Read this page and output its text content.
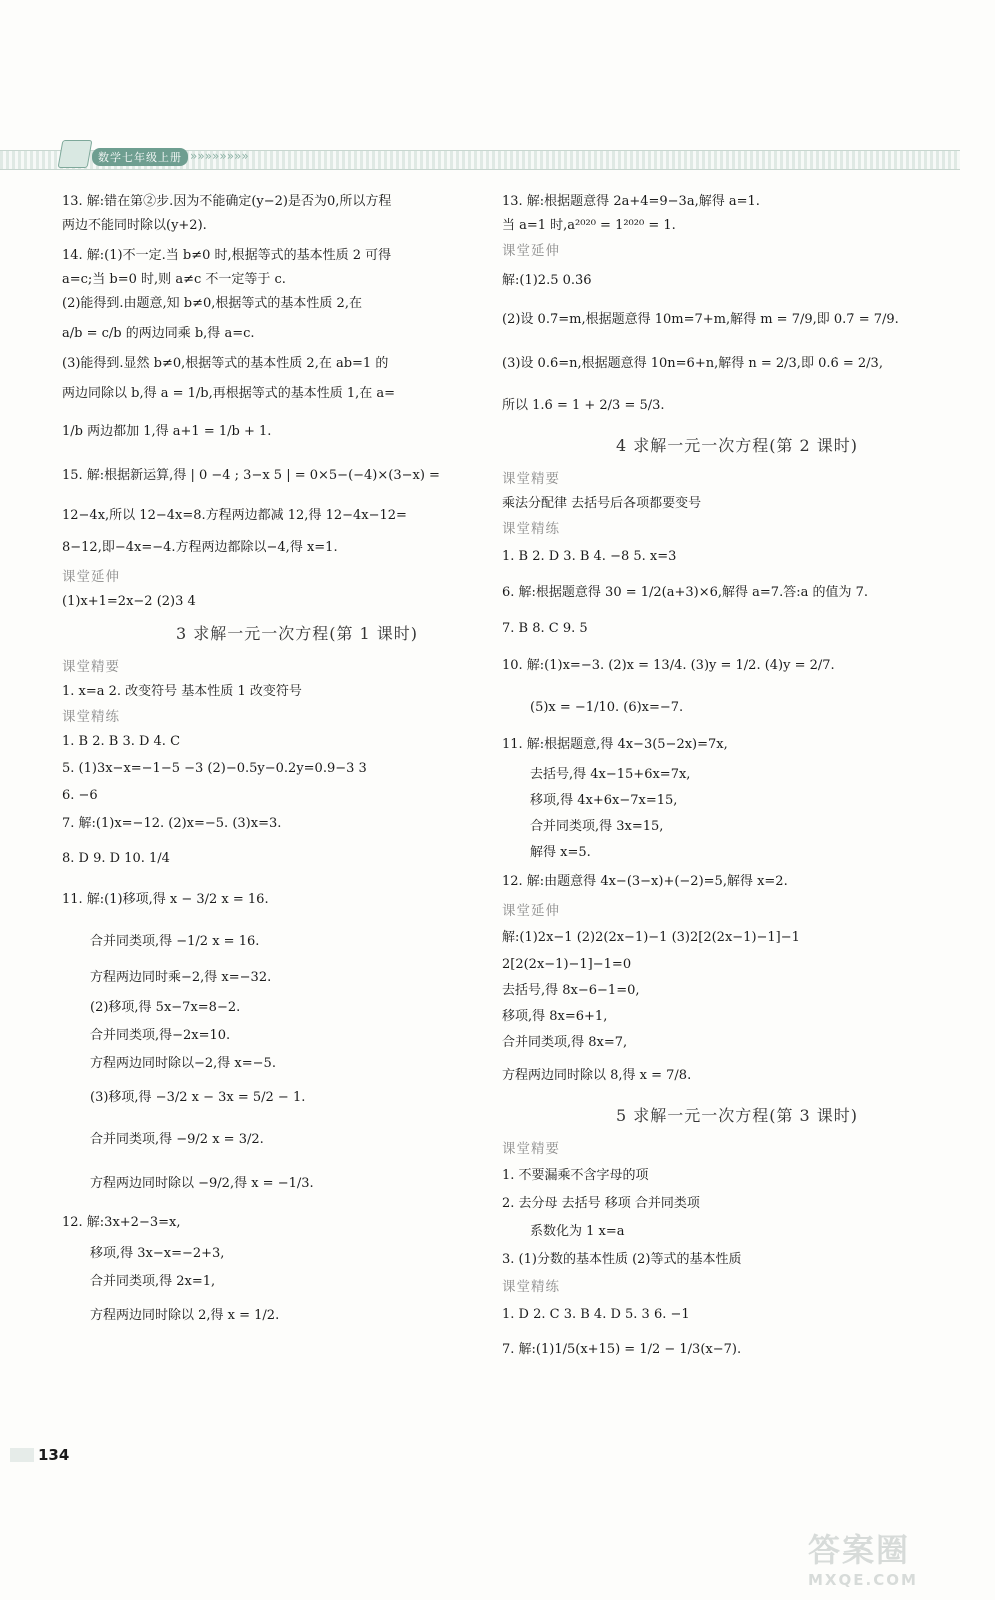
数学七年级上册 »»»»»»»»
13. 解:错在第②步.因为不能确定(y−2)是否为0,所以方程
两边不能同时除以(y+2).
14. 解:(1)不一定.当 b≠0 时,根据等式的基本性质 2 可得
a=c;当 b=0 时,则 a≠c 不一定等于 c.
(2)能得到.由题意,知 b≠0,根据等式的基本性质 2,在
a/b = c/b 的两边同乘 b,得 a=c.
(3)能得到.显然 b≠0,根据等式的基本性质 2,在 ab=1 的
两边同除以 b,得 a = 1/b,再根据等式的基本性质 1,在 a=
1/b 两边都加 1,得 a+1 = 1/b + 1.
15. 解:根据新运算,得 | 0 −4 ; 3−x 5 | = 0×5−(−4)×(3−x) =
12−4x,所以 12−4x=8.方程两边都减 12,得 12−4x−12=
8−12,即−4x=−4.方程两边都除以−4,得 x=1.
课堂延伸
(1)x+1=2x−2 (2)3 4
3 求解一元一次方程(第 1 课时)
课堂精要
1. x=a 2. 改变符号 基本性质 1 改变符号
课堂精练
1. B 2. B 3. D 4. C
5. (1)3x−x=−1−5 −3 (2)−0.5y−0.2y=0.9−3 3
6. −6
7. 解:(1)x=−12. (2)x=−5. (3)x=3.
8. D 9. D 10. 1/4
11. 解:(1)移项,得 x − 3/2 x = 16.
合并同类项,得 −1/2 x = 16.
方程两边同时乘−2,得 x=−32.
(2)移项,得 5x−7x=8−2.
合并同类项,得−2x=10.
方程两边同时除以−2,得 x=−5.
(3)移项,得 −3/2 x − 3x = 5/2 − 1.
合并同类项,得 −9/2 x = 3/2.
方程两边同时除以 −9/2,得 x = −1/3.
12. 解:3x+2−3=x,
移项,得 3x−x=−2+3,
合并同类项,得 2x=1,
方程两边同时除以 2,得 x = 1/2.
13. 解:根据题意得 2a+4=9−3a,解得 a=1.
当 a=1 时,a²⁰²⁰ = 1²⁰²⁰ = 1.
课堂延伸
解:(1)2.5 0.3̇6̇
(2)设 0.7̇=m,根据题意得 10m=7+m,解得 m = 7/9,即 0.7̇ = 7/9.
(3)设 0.6̇=n,根据题意得 10n=6+n,解得 n = 2/3,即 0.6̇ = 2/3,
所以 1.6̇ = 1 + 2/3 = 5/3.
4 求解一元一次方程(第 2 课时)
课堂精要
乘法分配律 去括号后各项都要变号
课堂精练
1. B 2. D 3. B 4. −8 5. x=3
6. 解:根据题意得 30 = 1/2(a+3)×6,解得 a=7.答:a 的值为 7.
7. B 8. C 9. 5
10. 解:(1)x=−3. (2)x = 13/4. (3)y = 1/2. (4)y = 2/7.
(5)x = −1/10. (6)x=−7.
11. 解:根据题意,得 4x−3(5−2x)=7x,
去括号,得 4x−15+6x=7x,
移项,得 4x+6x−7x=15,
合并同类项,得 3x=15,
解得 x=5.
12. 解:由题意得 4x−(3−x)+(−2)=5,解得 x=2.
课堂延伸
解:(1)2x−1 (2)2(2x−1)−1 (3)2[2(2x−1)−1]−1
2[2(2x−1)−1]−1=0
去括号,得 8x−6−1=0,
移项,得 8x=6+1,
合并同类项,得 8x=7,
方程两边同时除以 8,得 x = 7/8.
5 求解一元一次方程(第 3 课时)
课堂精要
1. 不要漏乘不含字母的项
2. 去分母 去括号 移项 合并同类项
系数化为 1 x=a
3. (1)分数的基本性质 (2)等式的基本性质
课堂精练
1. D 2. C 3. B 4. D 5. 3 6. −1
7. 解:(1)1/5(x+15) = 1/2 − 1/3(x−7).
134
答案圈
MXQE.COM
